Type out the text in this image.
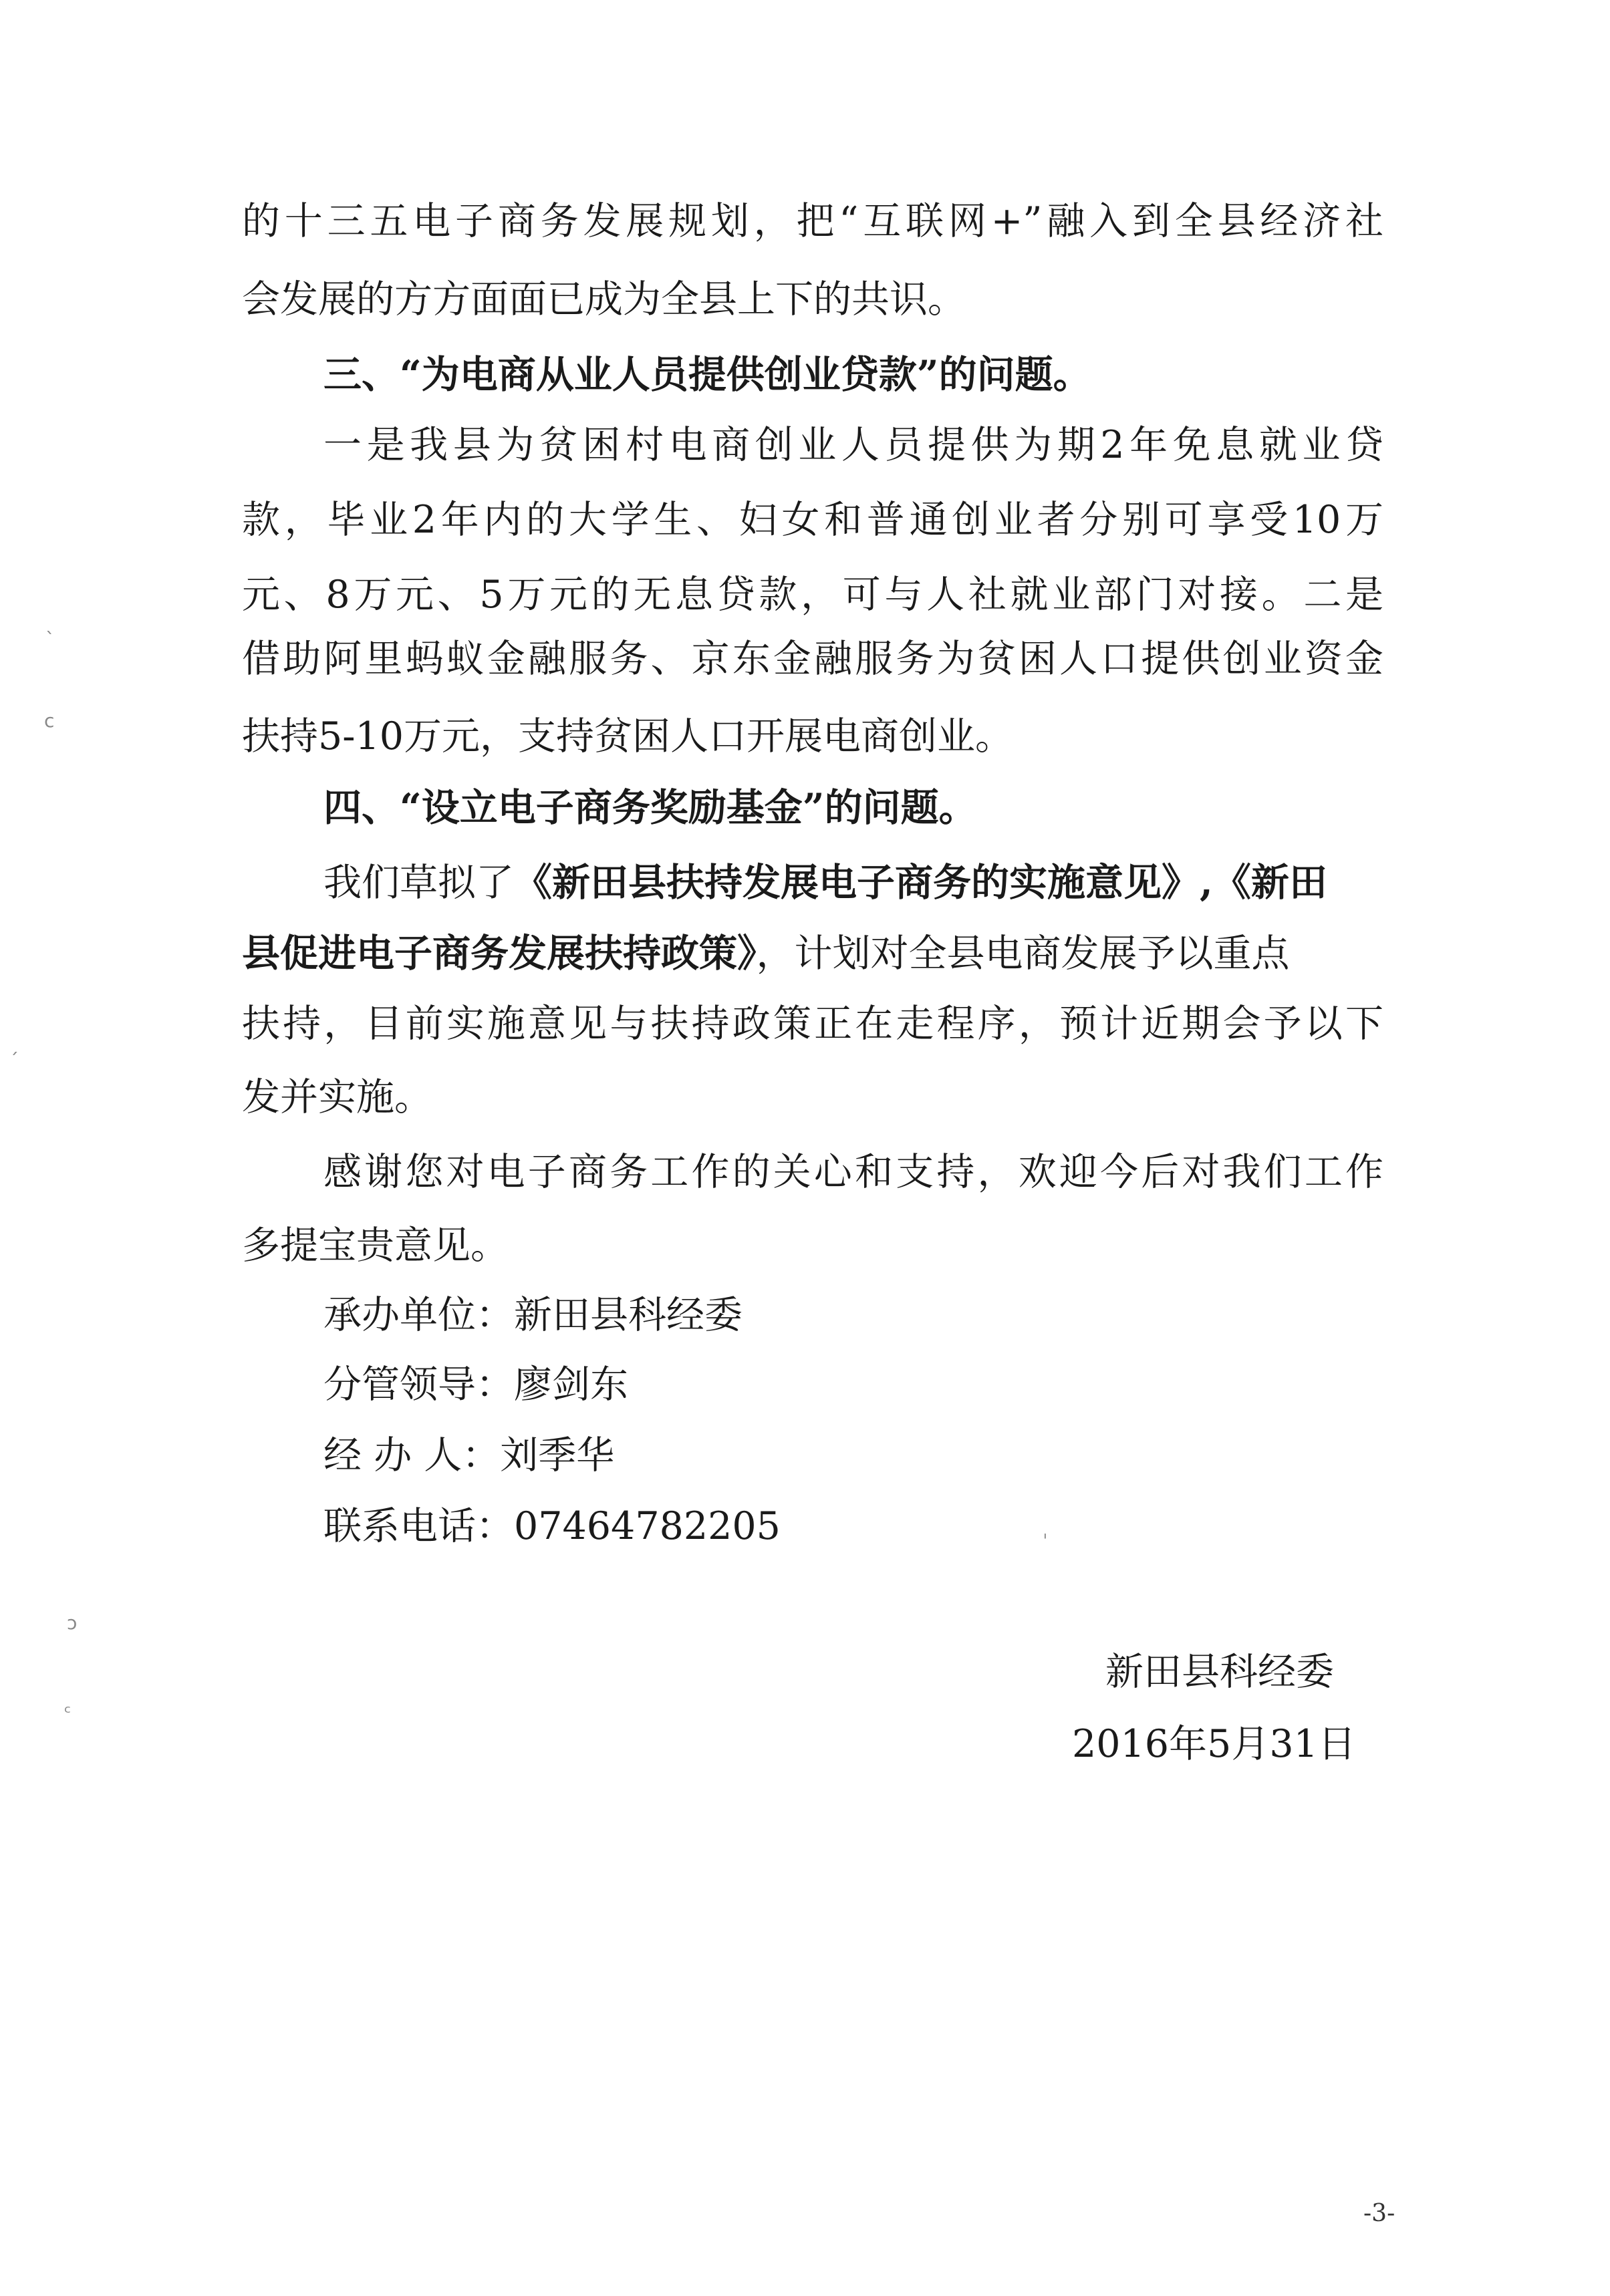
的十三五电子商务发展规划，把“互联网+”融入到全县经济社

会发展的方方面面已成为全县上下的共识。

三、“为电商从业人员提供创业贷款”的问题。

一是我县为贫困村电商创业人员提供为期2年免息就业贷

款，毕业2年内的大学生、妇女和普通创业者分别可享受10万

元、8万元、5万元的无息贷款，可与人社就业部门对接。二是

借助阿里蚂蚁金融服务、京东金融服务为贫困人口提供创业资金

扶持5-10万元，支持贫困人口开展电商创业。

四、“设立电子商务奖励基金”的问题。

我们草拟了《新田县扶持发展电子商务的实施意见》,《新田

县促进电子商务发展扶持政策》，计划对全县电商发展予以重点

扶持，目前实施意见与扶持政策正在走程序，预计近期会予以下

发并实施。

感谢您对电子商务工作的关心和支持，欢迎今后对我们工作

多提宝贵意见。

承办单位：新田县科经委

分管领导：廖剑东

经 办 人：刘季华

联系电话：07464782205

新田县科经委

2016年5月31日

-3-
ˋ
c
ˊ
ɔ
ᶜ
ˈ
